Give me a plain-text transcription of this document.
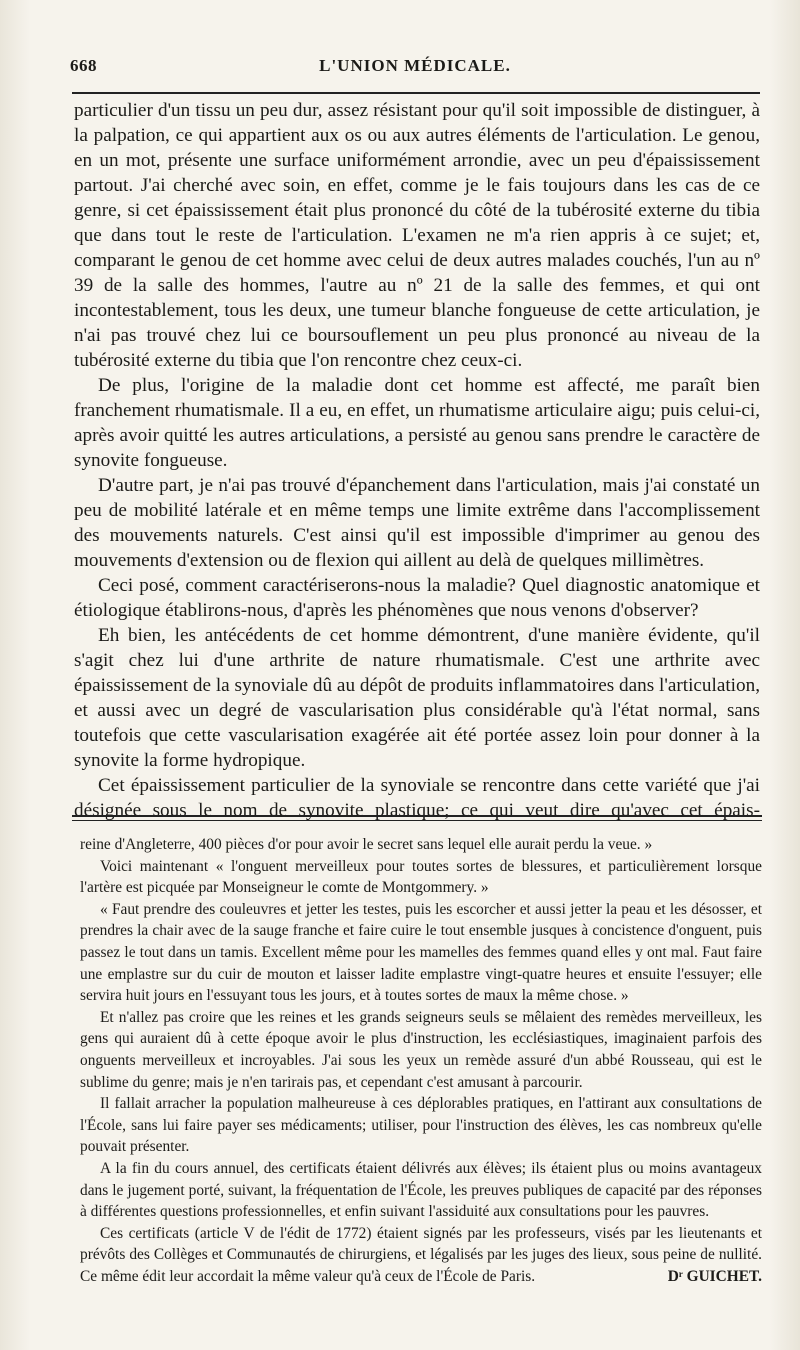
668	L'UNION MÉDICALE.

particulier d'un tissu un peu dur, assez résistant pour qu'il soit impossible de distinguer, à la palpation, ce qui appartient aux os ou aux autres éléments de l'articulation. Le genou, en un mot, présente une surface uniformément arrondie, avec un peu d'épaississement partout. J'ai cherché avec soin, en effet, comme je le fais toujours dans les cas de ce genre, si cet épaississement était plus prononcé du côté de la tubérosité externe du tibia que dans tout le reste de l'articulation. L'examen ne m'a rien appris à ce sujet; et, comparant le genou de cet homme avec celui de deux autres malades couchés, l'un au nº 39 de la salle des hommes, l'autre au nº 21 de la salle des femmes, et qui ont incontestablement, tous les deux, une tumeur blanche fongueuse de cette articulation, je n'ai pas trouvé chez lui ce boursouflement un peu plus prononcé au niveau de la tubérosité externe du tibia que l'on rencontre chez ceux-ci.

De plus, l'origine de la maladie dont cet homme est affecté, me paraît bien franchement rhumatismale. Il a eu, en effet, un rhumatisme articulaire aigu; puis celui-ci, après avoir quitté les autres articulations, a persisté au genou sans prendre le caractère de synovite fongueuse.

D'autre part, je n'ai pas trouvé d'épanchement dans l'articulation, mais j'ai constaté un peu de mobilité latérale et en même temps une limite extrême dans l'accomplissement des mouvements naturels. C'est ainsi qu'il est impossible d'imprimer au genou des mouvements d'extension ou de flexion qui aillent au delà de quelques millimètres.

Ceci posé, comment caractériserons-nous la maladie? Quel diagnostic anatomique et étiologique établirons-nous, d'après les phénomènes que nous venons d'observer?

Eh bien, les antécédents de cet homme démontrent, d'une manière évidente, qu'il s'agit chez lui d'une arthrite de nature rhumatismale. C'est une arthrite avec épaississement de la synoviale dû au dépôt de produits inflammatoires dans l'articulation, et aussi avec un degré de vascularisation plus considérable qu'à l'état normal, sans toutefois que cette vascularisation exagérée ait été portée assez loin pour donner à la synovite la forme hydropique.

Cet épaississement particulier de la synoviale se rencontre dans cette variété que j'ai désignée sous le nom de synovite plastique; ce qui veut dire qu'avec cet épais-

reine d'Angleterre, 400 pièces d'or pour avoir le secret sans lequel elle aurait perdu la veue. »

Voici maintenant « l'onguent merveilleux pour toutes sortes de blessures, et particulièrement lorsque l'artère est picquée par Monseigneur le comte de Montgommery. »

« Faut prendre des couleuvres et jetter les testes, puis les escorcher et aussi jetter la peau et les désosser, et prendres la chair avec de la sauge franche et faire cuire le tout ensemble jusques à concistence d'onguent, puis passez le tout dans un tamis. Excellent même pour les mamelles des femmes quand elles y ont mal. Faut faire une emplastre sur du cuir de mouton et laisser ladite emplastre vingt-quatre heures et ensuite l'essuyer; elle servira huit jours en l'essuyant tous les jours, et à toutes sortes de maux la même chose. »

Et n'allez pas croire que les reines et les grands seigneurs seuls se mêlaient des remèdes merveilleux, les gens qui auraient dû à cette époque avoir le plus d'instruction, les ecclésiastiques, imaginaient parfois des onguents merveilleux et incroyables. J'ai sous les yeux un remède assuré d'un abbé Rousseau, qui est le sublime du genre; mais je n'en tarirais pas, et cependant c'est amusant à parcourir.

Il fallait arracher la population malheureuse à ces déplorables pratiques, en l'attirant aux consultations de l'École, sans lui faire payer ses médicaments; utiliser, pour l'instruction des élèves, les cas nombreux qu'elle pouvait présenter.

A la fin du cours annuel, des certificats étaient délivrés aux élèves; ils étaient plus ou moins avantageux dans le jugement porté, suivant, la fréquentation de l'École, les preuves publiques de capacité par des réponses à différentes questions professionnelles, et enfin suivant l'assiduité aux consultations pour les pauvres.

Ces certificats (article V de l'édit de 1772) étaient signés par les professeurs, visés par les lieutenants et prévôts des Collèges et Communautés de chirurgiens, et légalisés par les juges des lieux, sous peine de nullité. Ce même édit leur accordait la même valeur qu'à ceux de l'École de Paris.	Dʳ GUICHET.
